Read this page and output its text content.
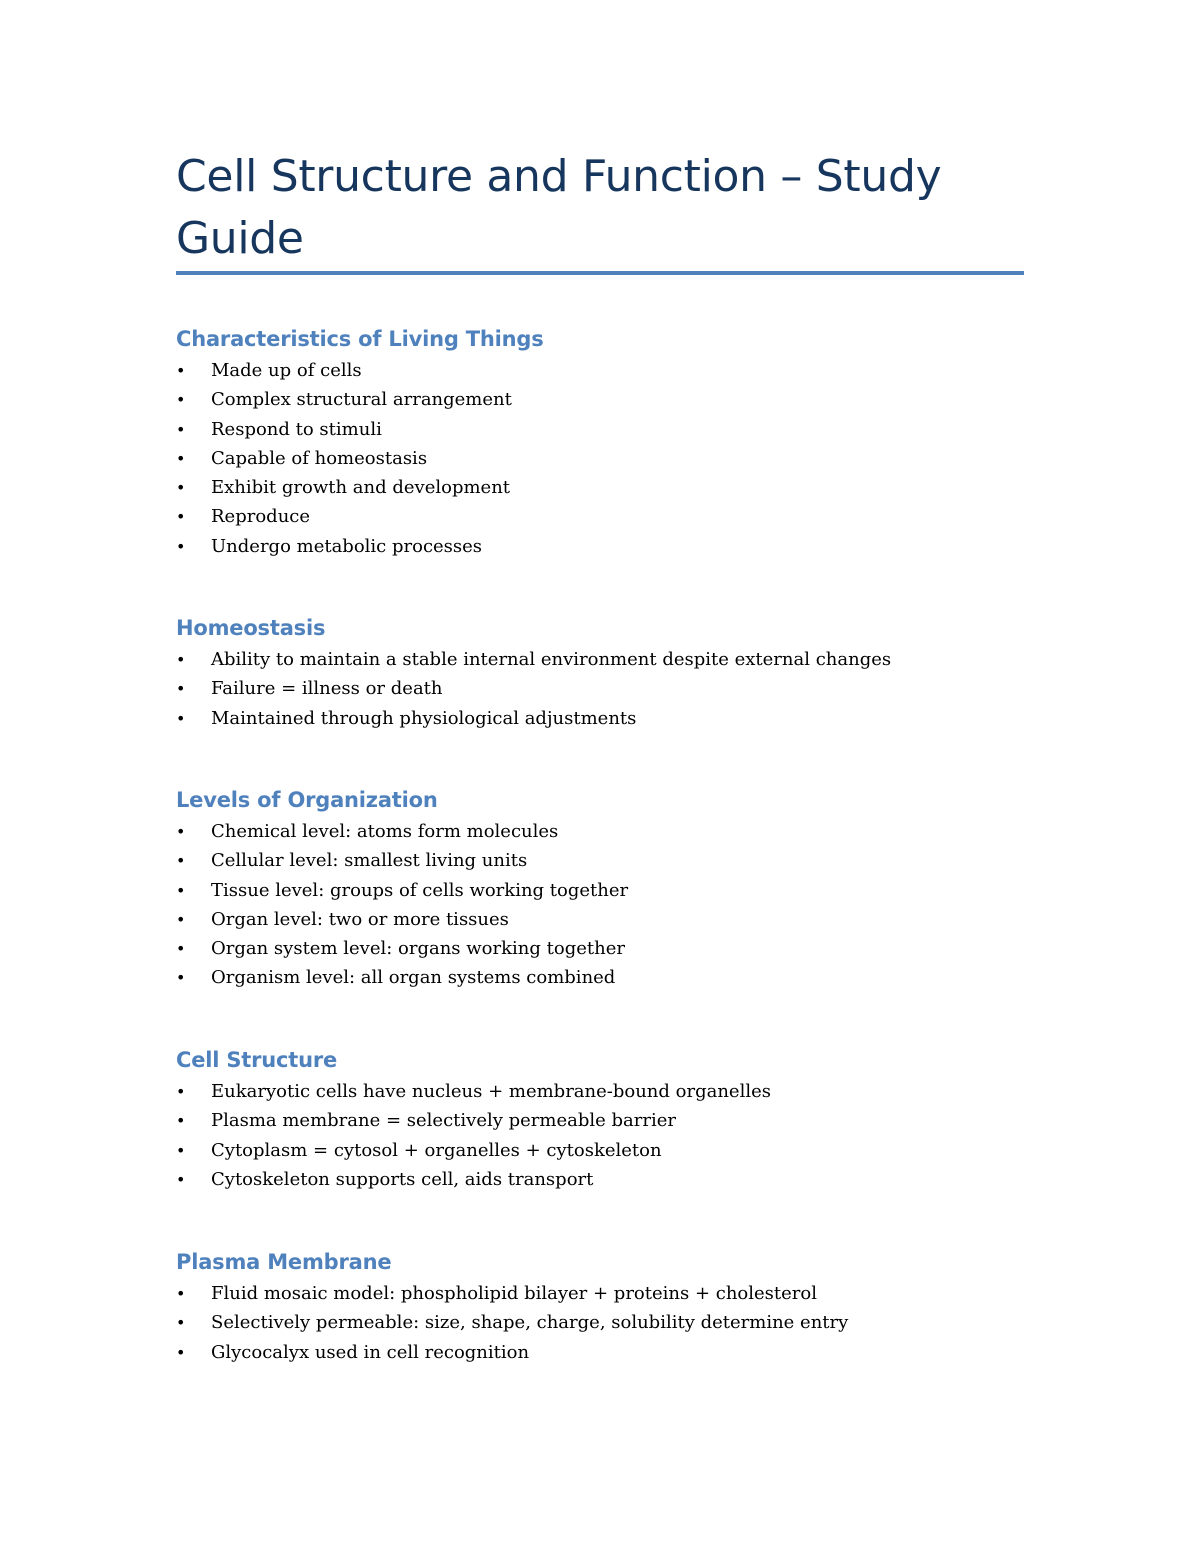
Cell Structure and Function – Study
Guide
Characteristics of Living Things
• Made up of cells
• Complex structural arrangement
• Respond to stimuli
• Capable of homeostasis
• Exhibit growth and development
• Reproduce
• Undergo metabolic processes
Homeostasis
• Ability to maintain a stable internal environment despite external changes
• Failure = illness or death
• Maintained through physiological adjustments
Levels of Organization
• Chemical level: atoms form molecules
• Cellular level: smallest living units
• Tissue level: groups of cells working together
• Organ level: two or more tissues
• Organ system level: organs working together
• Organism level: all organ systems combined
Cell Structure
• Eukaryotic cells have nucleus + membrane-bound organelles
• Plasma membrane = selectively permeable barrier
• Cytoplasm = cytosol + organelles + cytoskeleton
• Cytoskeleton supports cell, aids transport
Plasma Membrane
• Fluid mosaic model: phospholipid bilayer + proteins + cholesterol
• Selectively permeable: size, shape, charge, solubility determine entry
• Glycocalyx used in cell recognition
